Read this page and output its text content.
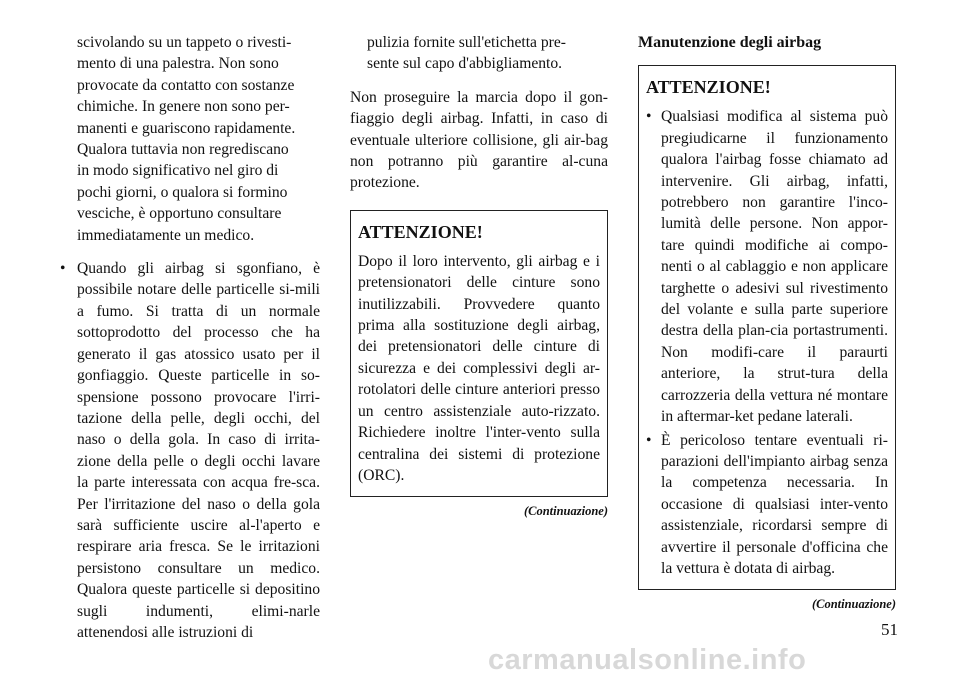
scivolando su un tappeto o rivesti-

mento di una palestra. Non sono

provocate da contatto con sostanze

chimiche. In genere non sono per-

manenti e guariscono rapidamente.

Qualora tuttavia non regrediscano

in modo significativo nel giro di

pochi giorni, o qualora si formino

vesciche, è opportuno consultare

immediatamente un medico.

• Quando gli airbag si sgonfiano, è possibile notare delle particelle si-mili a fumo. Si tratta di un normale sottoprodotto del processo che ha generato il gas atossico usato per il gonfiaggio. Queste particelle in so-spensione possono provocare l'irri-tazione della pelle, degli occhi, del naso o della gola. In caso di irrita-zione della pelle o degli occhi lavare la parte interessata con acqua fre-sca. Per l'irritazione del naso o della gola sarà sufficiente uscire al-l'aperto e respirare aria fresca. Se le irritazioni persistono consultare un medico. Qualora queste particelle si depositino sugli indumenti, elimi-narle attenendosi alle istruzioni di

pulizia fornite sull'etichetta pre-

sente sul capo d'abbigliamento.

Non proseguire la marcia dopo il gon-fiaggio degli airbag. Infatti, in caso di eventuale ulteriore collisione, gli air-bag non potranno più garantire al-cuna protezione.

ATTENZIONE!

Dopo il loro intervento, gli airbag e i pretensionatori delle cinture sono inutilizzabili. Provvedere quanto prima alla sostituzione degli airbag, dei pretensionatori delle cinture di sicurezza e dei complessivi degli ar-rotolatori delle cinture anteriori presso un centro assistenziale auto-rizzato. Richiedere inoltre l'inter-vento sulla centralina dei sistemi di protezione (ORC).

(Continuazione)
Manutenzione degli airbag
ATTENZIONE!
• Qualsiasi modifica al sistema può pregiudicarne il funzionamento qualora l'airbag fosse chiamato ad intervenire. Gli airbag, infatti, potrebbero non garantire l'inco-lumità delle persone. Non appor-tare quindi modifiche ai compo-nenti o al cablaggio e non applicare targhette o adesivi sul rivestimento del volante e sulla parte superiore destra della plan-cia portastrumenti. Non modifi-care il paraurti anteriore, la strut-tura della carrozzeria della vettura né montare in aftermar-ket pedane laterali.
• È pericoloso tentare eventuali ri-parazioni dell'impianto airbag senza la competenza necessaria. In occasione di qualsiasi inter-vento assistenziale, ricordarsi sempre di avvertire il personale d'officina che la vettura è dotata di airbag.
(Continuazione)
51
carmanualsonline.info
